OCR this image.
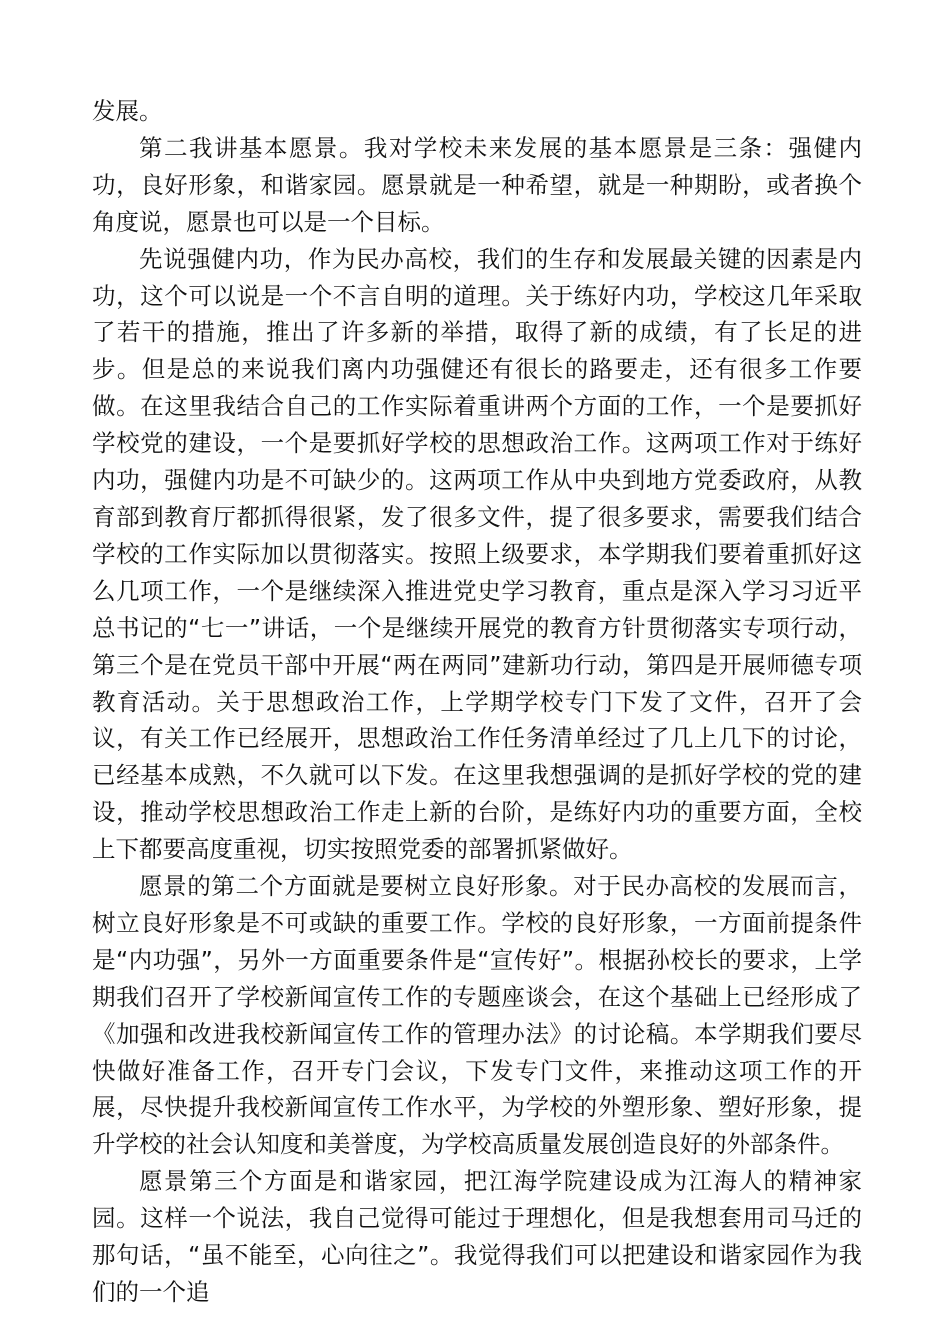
发展。

第二我讲基本愿景。我对学校未来发展的基本愿景是三条：强健内功，良好形象，和谐家园。愿景就是一种希望，就是一种期盼，或者换个角度说，愿景也可以是一个目标。

先说强健内功，作为民办高校，我们的生存和发展最关键的因素是内功，这个可以说是一个不言自明的道理。关于练好内功，学校这几年采取了若干的措施，推出了许多新的举措，取得了新的成绩，有了长足的进步。但是总的来说我们离内功强健还有很长的路要走，还有很多工作要做。在这里我结合自己的工作实际着重讲两个方面的工作，一个是要抓好学校党的建设，一个是要抓好学校的思想政治工作。这两项工作对于练好内功，强健内功是不可缺少的。这两项工作从中央到地方党委政府，从教育部到教育厅都抓得很紧，发了很多文件，提了很多要求，需要我们结合学校的工作实际加以贯彻落实。按照上级要求，本学期我们要着重抓好这么几项工作，一个是继续深入推进党史学习教育，重点是深入学习习近平总书记的“七一”讲话，一个是继续开展党的教育方针贯彻落实专项行动，第三个是在党员干部中开展“两在两同”建新功行动，第四是开展师德专项教育活动。关于思想政治工作，上学期学校专门下发了文件，召开了会议，有关工作已经展开，思想政治工作任务清单经过了几上几下的讨论，已经基本成熟，不久就可以下发。在这里我想强调的是抓好学校的党的建设，推动学校思想政治工作走上新的台阶，是练好内功的重要方面，全校上下都要高度重视，切实按照党委的部署抓紧做好。

愿景的第二个方面就是要树立良好形象。对于民办高校的发展而言，树立良好形象是不可或缺的重要工作。学校的良好形象，一方面前提条件是“内功强”，另外一方面重要条件是“宣传好”。根据孙校长的要求，上学期我们召开了学校新闻宣传工作的专题座谈会，在这个基础上已经形成了《加强和改进我校新闻宣传工作的管理办法》的讨论稿。本学期我们要尽快做好准备工作，召开专门会议，下发专门文件，来推动这项工作的开展，尽快提升我校新闻宣传工作水平，为学校的外塑形象、塑好形象，提升学校的社会认知度和美誉度，为学校高质量发展创造良好的外部条件。

愿景第三个方面是和谐家园，把江海学院建设成为江海人的精神家园。这样一个说法，我自己觉得可能过于理想化，但是我想套用司马迁的那句话，“虽不能至，心向往之”。我觉得我们可以把建设和谐家园作为我们的一个追
